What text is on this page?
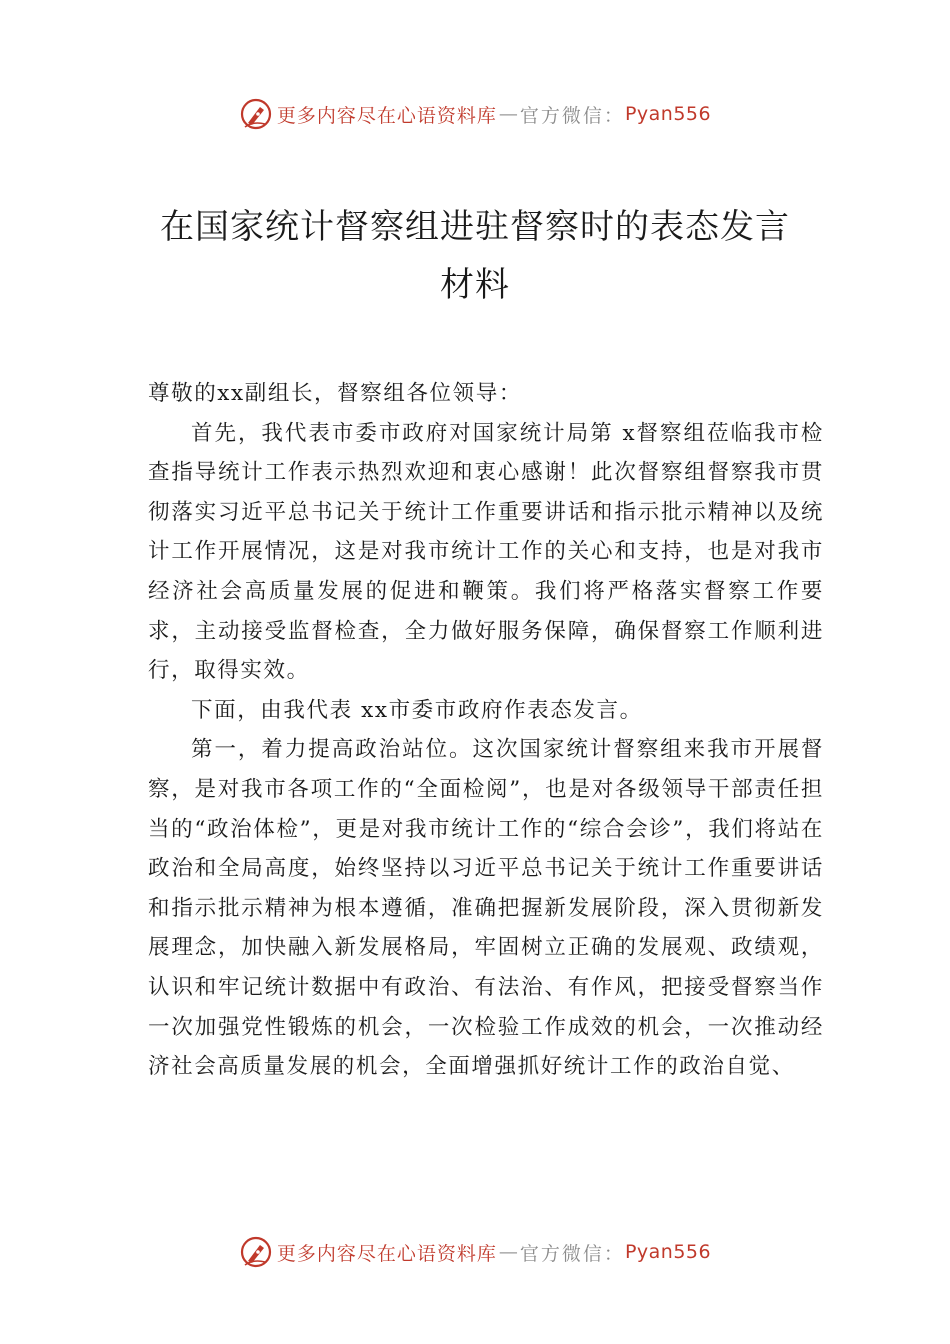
更多内容尽在心语资料库 — 官方微信： Pyan556
在国家统计督察组进驻督察时的表态发言
材料

尊敬的xx副组长，督察组各位领导：

首先，我代表市委市政府对国家统计局第 x督察组莅临我市检查指导统计工作表示热烈欢迎和衷心感谢！此次督察组督察我市贯彻落实习近平总书记关于统计工作重要讲话和指示批示精神以及统计工作开展情况，这是对我市统计工作的关心和支持，也是对我市经济社会高质量发展的促进和鞭策。我们将严格落实督察工作要求，主动接受监督检查，全力做好服务保障，确保督察工作顺利进行，取得实效。

下面，由我代表 xx市委市政府作表态发言。

第一，着力提高政治站位。这次国家统计督察组来我市开展督察，是对我市各项工作的“全面检阅”，也是对各级领导干部责任担当的“政治体检”，更是对我市统计工作的“综合会诊”，我们将站在政治和全局高度，始终坚持以习近平总书记关于统计工作重要讲话和指示批示精神为根本遵循，准确把握新发展阶段，深入贯彻新发展理念，加快融入新发展格局，牢固树立正确的发展观、政绩观，认识和牢记统计数据中有政治、有法治、有作风，把接受督察当作一次加强党性锻炼的机会，一次检验工作成效的机会，一次推动经济社会高质量发展的机会，全面增强抓好统计工作的政治自觉、

更多内容尽在心语资料库 — 官方微信： Pyan556
